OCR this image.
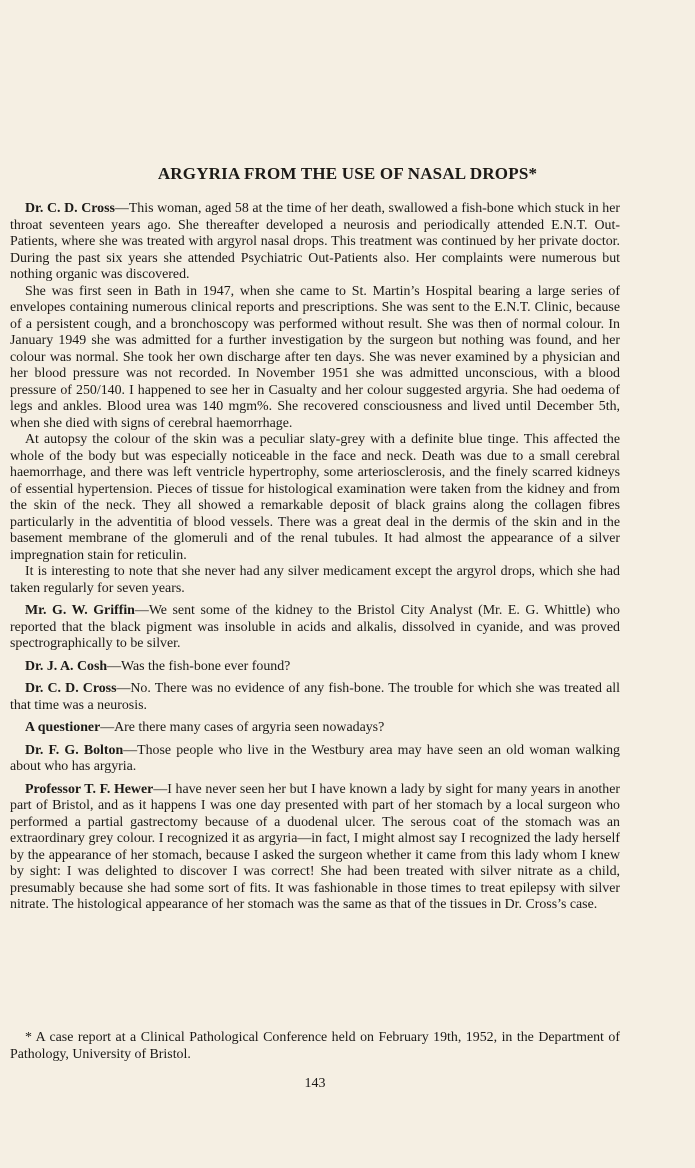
ARGYRIA FROM THE USE OF NASAL DROPS*

Dr. C. D. Cross—This woman, aged 58 at the time of her death, swallowed a fish-bone which stuck in her throat seventeen years ago. She thereafter developed a neurosis and periodically attended E.N.T. Out-Patients, where she was treated with argyrol nasal drops. This treatment was continued by her private doctor. During the past six years she attended Psychiatric Out-Patients also. Her complaints were numerous but nothing organic was discovered.

She was first seen in Bath in 1947, when she came to St. Martin’s Hospital bearing a large series of envelopes containing numerous clinical reports and prescriptions. She was sent to the E.N.T. Clinic, because of a persistent cough, and a bronchoscopy was performed without result. She was then of normal colour. In January 1949 she was admitted for a further investigation by the surgeon but nothing was found, and her colour was normal. She took her own discharge after ten days. She was never examined by a physician and her blood pressure was not recorded. In November 1951 she was admitted unconscious, with a blood pressure of 250/140. I happened to see her in Casualty and her colour suggested argyria. She had oedema of legs and ankles. Blood urea was 140 mgm%. She recovered consciousness and lived until December 5th, when she died with signs of cerebral haemorrhage.

At autopsy the colour of the skin was a peculiar slaty-grey with a definite blue tinge. This affected the whole of the body but was especially noticeable in the face and neck. Death was due to a small cerebral haemorrhage, and there was left ventricle hypertrophy, some arteriosclerosis, and the finely scarred kidneys of essential hypertension. Pieces of tissue for histological examination were taken from the kidney and from the skin of the neck. They all showed a remarkable deposit of black grains along the collagen fibres particularly in the adventitia of blood vessels. There was a great deal in the dermis of the skin and in the basement membrane of the glomeruli and of the renal tubules. It had almost the appearance of a silver impregnation stain for reticulin.

It is interesting to note that she never had any silver medicament except the argyrol drops, which she had taken regularly for seven years.

Mr. G. W. Griffin—We sent some of the kidney to the Bristol City Analyst (Mr. E. G. Whittle) who reported that the black pigment was insoluble in acids and alkalis, dissolved in cyanide, and was proved spectrographically to be silver.

Dr. J. A. Cosh—Was the fish-bone ever found?

Dr. C. D. Cross—No. There was no evidence of any fish-bone. The trouble for which she was treated all that time was a neurosis.

A questioner—Are there many cases of argyria seen nowadays?

Dr. F. G. Bolton—Those people who live in the Westbury area may have seen an old woman walking about who has argyria.

Professor T. F. Hewer—I have never seen her but I have known a lady by sight for many years in another part of Bristol, and as it happens I was one day presented with part of her stomach by a local surgeon who performed a partial gastrectomy because of a duodenal ulcer. The serous coat of the stomach was an extraordinary grey colour. I recognized it as argyria—in fact, I might almost say I recognized the lady herself by the appearance of her stomach, because I asked the surgeon whether it came from this lady whom I knew by sight: I was delighted to discover I was correct! She had been treated with silver nitrate as a child, presumably because she had some sort of fits. It was fashionable in those times to treat epilepsy with silver nitrate. The histological appearance of her stomach was the same as that of the tissues in Dr. Cross’s case.

* A case report at a Clinical Pathological Conference held on February 19th, 1952, in the Department of Pathology, University of Bristol.

143
